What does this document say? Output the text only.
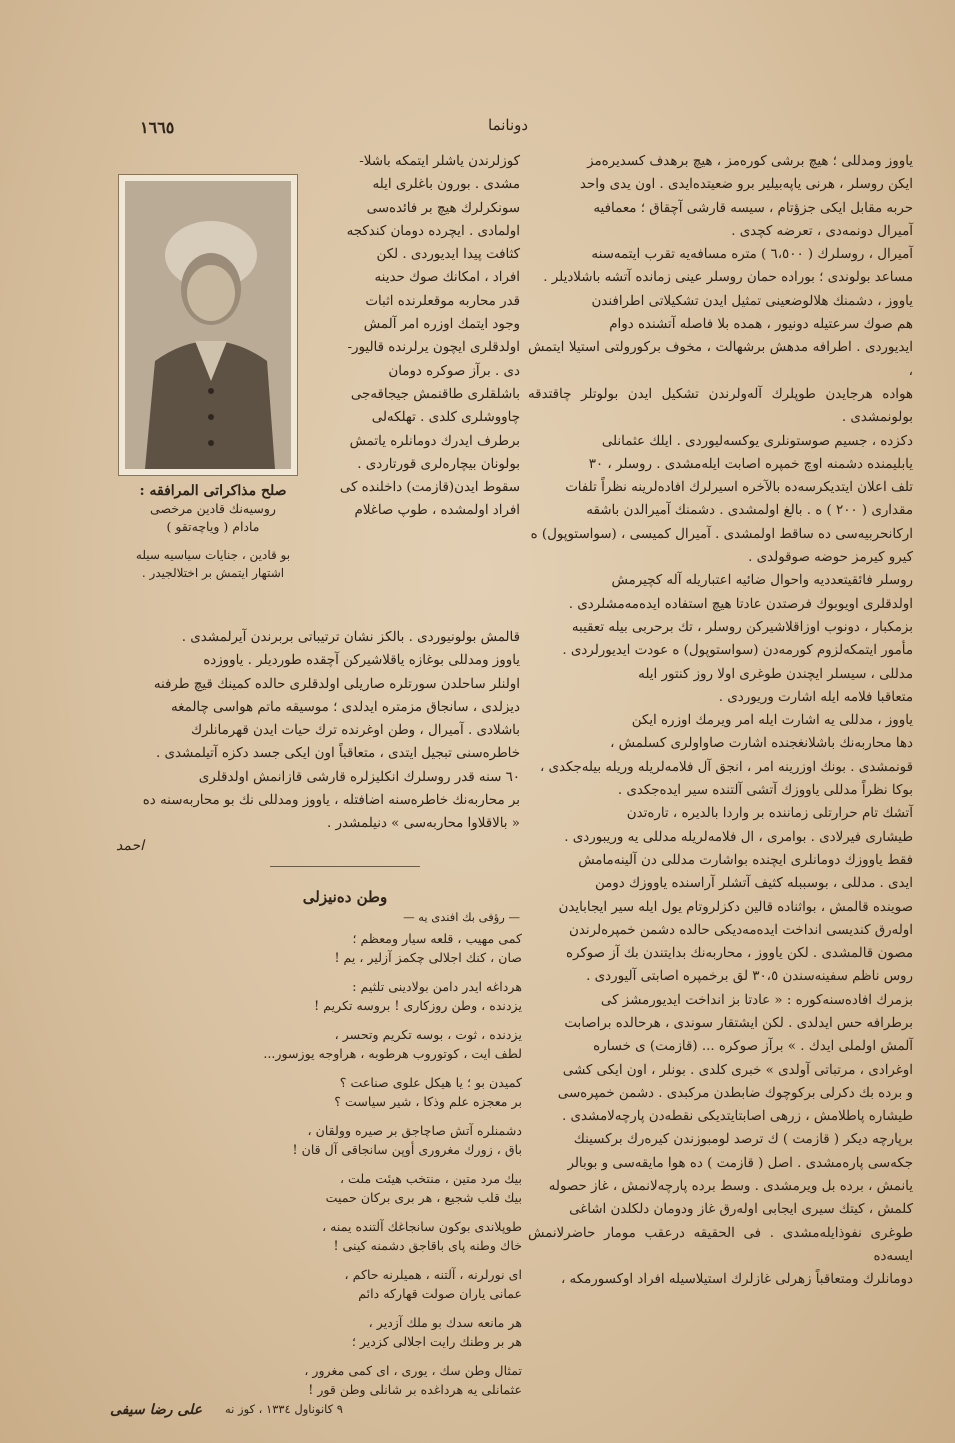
١٦٦٥	دونانما
یاووز ومدللی ؛ هیچ برشی کورەمز ، هیچ برهدف کسدیرەمز
ایکن روسلر ، هرنی یاپەبیلیر برو ضعیتدەایدی . اون یدی واحد
حربه مقابل ایکی جزؤتام ، سیسه قارشی آچقاق ؛ معمافیه
آمیرال دونمەدی ، تعرضه کچدی .
آمیرال ، روسلرك ( ٦،٥٠٠ ) مترە مسافەیه تقرب ایتمەسنه
مساعد بولوندی ؛ بوراده حمان روسلر عینی زمانده آتشه باشلادیلر .
یاووز ، دشمنك هلالوضعینی تمثیل ایدن تشکیلاتی اطرافندن
هم صوك سرعتیله دونیور ، همده بلا فاصله آتشنده دوام
ایدیوردی . اطرافه مدهش برشهالت ، مخوف برکورولتی استیلا ایتمش ،
هواده هرجایدن طوپلرك آلەولرندن تشکیل ایدن بولوتلر چاقتدقه بولونمشدی .
دکزده ، جسیم صوستونلری یوکسەلیوردی . ایلك عثمانلی
یابلیمنده دشمنه اوچ خمپره اصابت ایلەمشدی . روسلر ، ٣٠
تلف اعلان ایتدیکرسەده بالآخره اسیرلرك افادەلرینه نظراً تلفات
مقداری ( ٢٠٠ ) ه . بالغ اولمشدی . دشمنك آمیرالدن باشقه
ارکانحربیەسی ده ساقط اولمشدی . آمیرال کمیسی ، (سواستوپول) ه
کیرو کیرمز حوضه صوقولدی .
روسلر فائقیتعددیه واحوال ضائیه اعتباریله آله کچیرمش
اولدقلری اویوبوك فرصتدن عادتا هیچ استفاده ایدەمەمشلردی .
بزمکبار ، دونوب اوزاقلاشیرکن روسلر ، تك برحربی بیله تعقیبه
مأمور ایتمکەلزوم کورمەدن (سواستوپول) ه عودت ایدیورلردی .
مدللی ، سیسلر ایچندن طوغری اولا روز کنتور ایله
متعاقبا فلامه ایله اشارت وریوردی .
یاووز ، مدللی یه اشارت ایله امر ویرمك اوزره ایکن
دها محاربەنك باشلانغجنده اشارت صاواولری کسلمش ،
قونمشدی . بونك اوزرینه امر ، انجق آل فلامەلریله وریله بیلەجکدی ،
بوکا نظراً مدللی یاووزك آتشی آلتنده سیر ایدەجکدی .
آتشك تام حرارتلی زماننده بر واردا بالدیره ، تارەتدن
طیشاری فیرلادی . بوامری ، ال فلامەلریله مدللی یه وریبوردی .
فقط یاووزك دومانلری ایچنده بواشارت مدللی دن آلینەمامش
ایدی . مدللی ، بوسببله کثیف آتشلر آراسنده یاووزك دومن
صوینده قالمش ، بواثناده قالین دکزلروتام یول ایله سیر ایجابایدن
اولەرق کندیسی انداخت ایدەمەدیکی حالده دشمن خمپرەلرندن
مصون قالمشدی . لکن یاووز ، محاربەنك بدایتندن بك آز صوکره
روس ناظم سفینەسندن ٣٠،٥ لق برخمپره اصابتی آلیوردی .
بزمرك افادەسنەکوره : « عادتا بز انداخت ایدیورمشز کی
برطرافه حس ایدلدی . لکن ایشتقار سوندی ، هرحالده براصابت
آلمش اولملی ایدك . » برآز صوکره ... (قازمت) ی خساره
اوغرادی ، مرتباتی آولدی » خبری کلدی . بونلر ، اون ایکی کشی
و برده بك دکرلی برکوچوك ضابطدن مرکبدی . دشمن خمپرەسی
طیشاره پاطلامش ، زرهی اصابتایتدیکی نقطەدن پارچەلامشدی .
برپارچه دیکر ( قازمت ) ك ترصد لومبوزندن کیرەرك برکسینك
جکەسی پارەمشدی . اصل ( قازمت ) ده هوا مایقەسی و بوبالر
یانمش ، برده بل ویرمشدی . وسط برده پارچەلانمش ، غاز حصوله
کلمش ، کیتك سیری ایجابی اولەرق غاز ودومان دلکلدن اشاغی
طوغری نفوذایلەمشدی . فی الحقیقه درعقب مومار حاضرلانمش ایسەده
دومانلرك ومتعاقباً زهرلی غازلرك استیلاسیله افراد اوکسورمکه ،
کوزلرندن یاشلر ایتمکه باشلا-
مشدی . بورون باغلری ایله
سونکرلرك هیچ بر فائدەسی
اولمادی . ایچرده دومان کندکجه
کثافت پیدا ایدیوردی . لکن
افراد ، امکانك صوك حدینه
قدر محاربه موقعلرنده اثبات
وجود ایتمك اوزره امر آلمش
اولدقلری ایچون یرلرنده قالیور-
دی . برآز صوکره دومان
باشلقلری طاقنمش جیجاقەجی
چاووشلری کلدی . تهلکەلی
برطرف ایدرك دومانلره یاتمش
بولونان بیچارەلری قورتاردی .
سقوط ایدن(قازمت) داخلنده کی
افراد اولمشده ، طوپ صاغلام
صلح مذاکراتی المرافقه :
روسیەنك قادین مرخصی
مادام ( ویاچەتقو )
بو قادین ، جنایات سیاسیه سیله
اشتهار ایتمش بر اختلالجیدر .
قالمش بولونیوردی . بالکز نشان ترتیباتی بربرندن آیرلمشدی .
یاووز ومدللی بوغازه یاقلاشیرکن آچقده طوردیلر . یاووزده
اولنلر ساحلدن سورتلره صاریلی اولدقلری حالده کمینك قیچ طرفنه
دیزلدی ، سانجاق مزمتره ایدلدی ؛ موسیقه ماتم هواسی چالمغه
باشلادی . آمیرال ، وطن اوغرنده ترك حیات ایدن قهرمانلرك
خاطرەسنی تبجیل ایتدی ، متعاقباً اون ایکی جسد دکزه آتیلمشدی .
٦٠ سنه قدر روسلرك انکلیزلره قارشی قازانمش اولدقلری
بر محاربەنك خاطرەسنه اضافتله ، یاووز ومدللی نك بو محاربەسنه ده
« بالاقلاوا محاربەسی » دنیلمشدر .
احمد
وطن دەنیزلی
— رؤفی بك افندی یه —
کمی مهیب ، قلعه سیار ومعظم ؛
صان ، کنك اجلالی چکمز آزلیر ، یم !
هرداغه ایدر دامن بولادینی تلثیم :
یزدنده ، وطن روزکاری ! بروسه تکریم !
یزدنده ، ثوت ، بوسه تکریم وتحسر ،
لطف ایت ، کوتوروب هرطوبه ، هراوجه یوزسور...
کمیدن بو ؛ یا هیکل علوی صناعت ؟
بر معجزه علم وذکا ، شیر سیاست ؟
دشمنلره آتش صاچاجق بر صیره وولقان ،
باق ، زورك مغروری أوپن سانجاقی آل قان !
بیك مرد متین ، منتخب هیئت ملت ،
بیك قلب شجیع ، هر بری برکان حمیت
طوپلاندی بوکون سانجاغك آلتنده یمنه ،
خاك وطنه پای باقاجق دشمنه کینی !
ای نورلرنه ، آلتنه ، همیلرنه حاکم ،
عمانی یاران صولت قهارکه دائم
هر مانعه سدك بو ملك آزدیر ،
هر بر وطنك رایت اجلالی کزدیر ؛
تمثال وطن سك ، یوری ، ای کمی مغرور ،
عثمانلی یه هرداغده بر شانلی وطن قور !
٩ کانوناول ١٣٣٤ ، کوز نه
علی رضا سیفی
